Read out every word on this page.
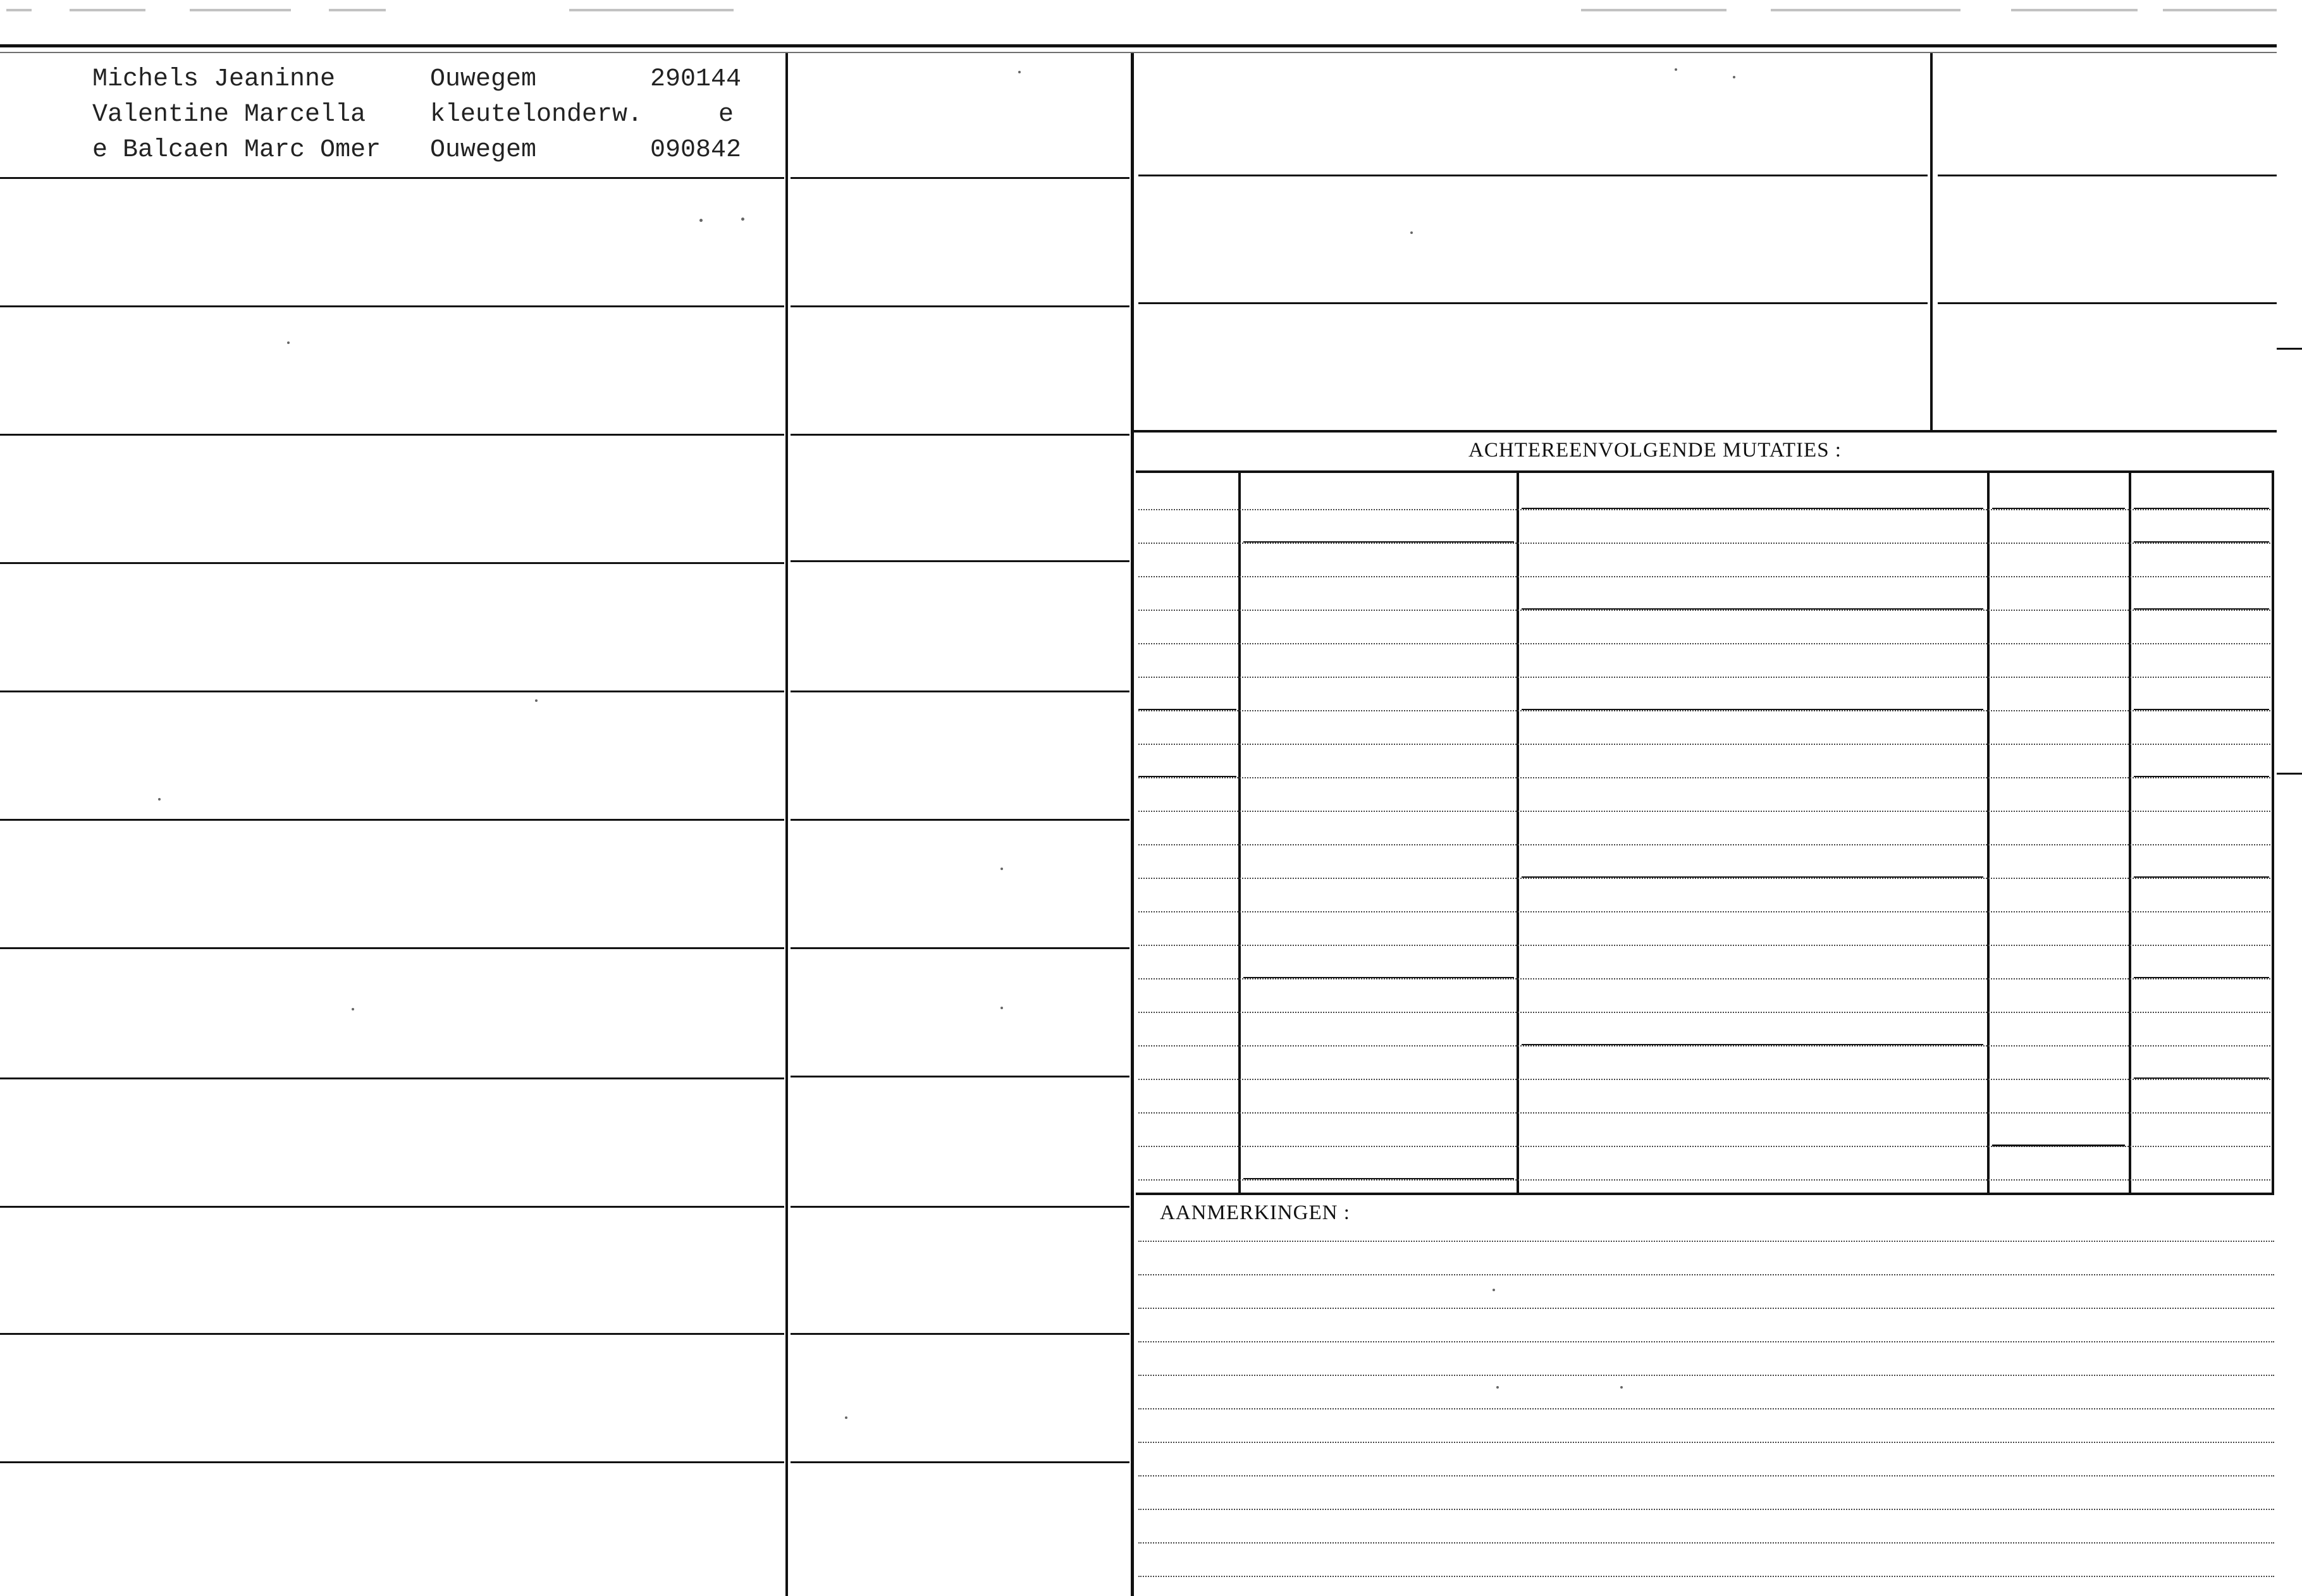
Michels Jeaninne
Valentine Marcella
e Balcaen Marc Omer
Ouwegem
kleutelonderw.
Ouwegem
290144
e
090842
ACHTEREENVOLGENDE MUTATIES :
AANMERKINGEN :
